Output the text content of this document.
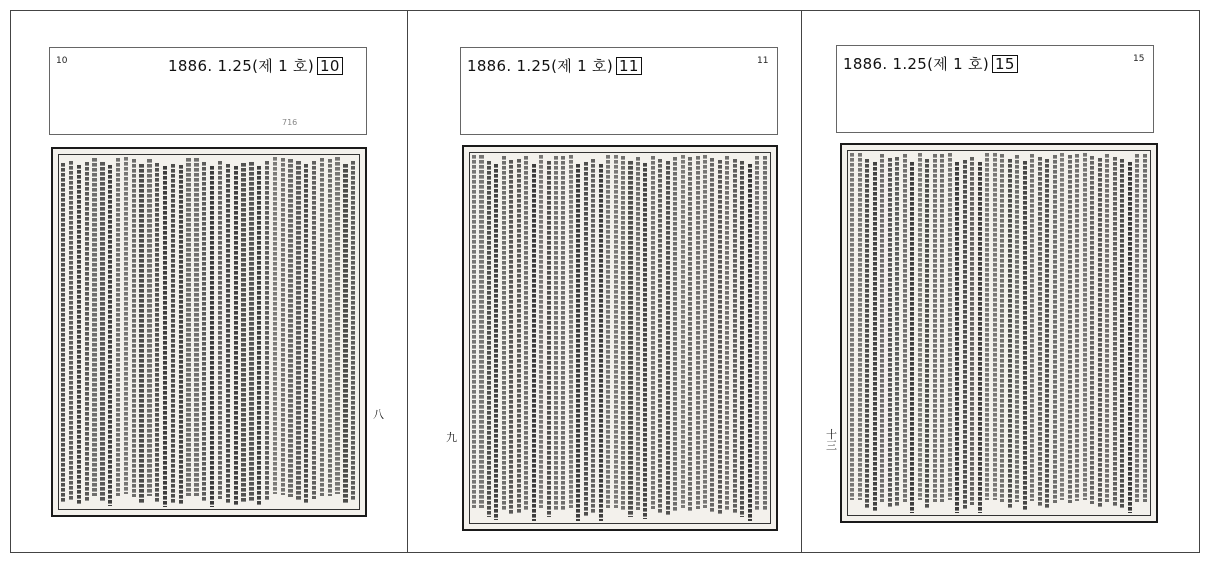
10	1886. 1.25(제 1 호) 10
716
八
1886. 1.25(제 1 호) 11	11
九
1886. 1.25(제 1 호) 15	15
十三
